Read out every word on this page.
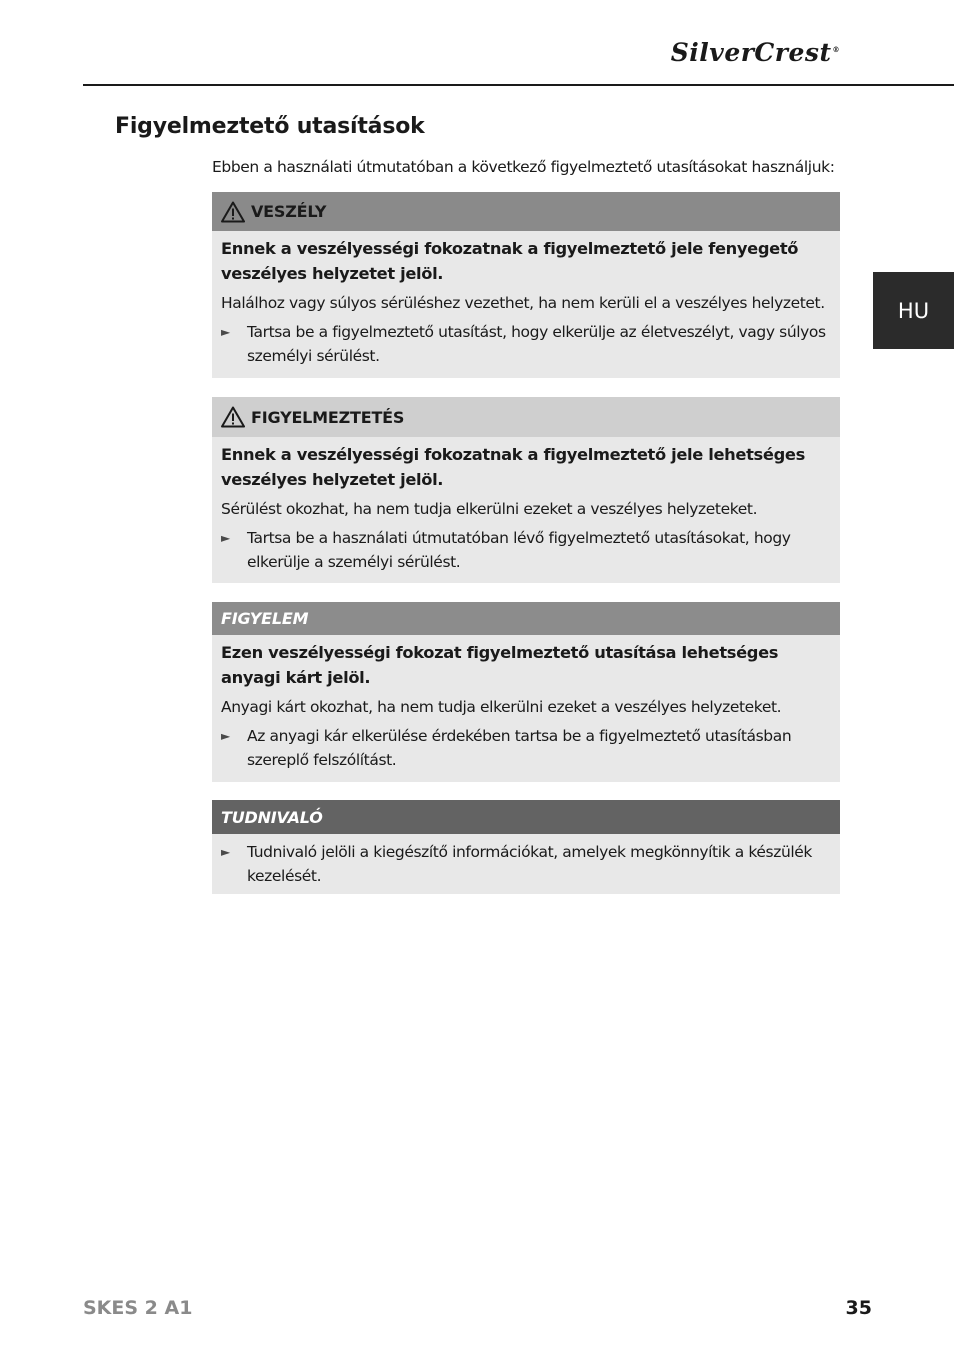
SilverCrest®
HU
Figyelmeztető utasítások

Ebben a használati útmutatóban a következő figyelmeztető utasításokat használjuk:

VESZÉLY

Ennek a veszélyességi fokozatnak a figyelmeztető jele fenyegető veszélyes helyzetet jelöl.

Halálhoz vagy súlyos sérüléshez vezethet, ha nem kerüli el a veszélyes helyzetet.

►	Tartsa be a figyelmeztető utasítást, hogy elkerülje az életveszélyt, vagy súlyos személyi sérülést.
FIGYELMEZTETÉS

Ennek a veszélyességi fokozatnak a figyelmeztető jele lehetséges veszélyes helyzetet jelöl.

Sérülést okozhat, ha nem tudja elkerülni ezeket a veszélyes helyzeteket.

►	Tartsa be a használati útmutatóban lévő figyelmeztető utasításokat, hogy elkerülje a személyi sérülést.
FIGYELEM

Ezen veszélyességi fokozat figyelmeztető utasítása lehetséges anyagi kárt jelöl.

Anyagi kárt okozhat, ha nem tudja elkerülni ezeket a veszélyes helyzeteket.

►	Az anyagi kár elkerülése érdekében tartsa be a figyelmeztető utasításban szereplő felszólítást.
TUDNIVALÓ
►	Tudnivaló jelöli a kiegészítő információkat, amelyek megkönnyítik a készülék kezelését.
SKES 2 A1	35
